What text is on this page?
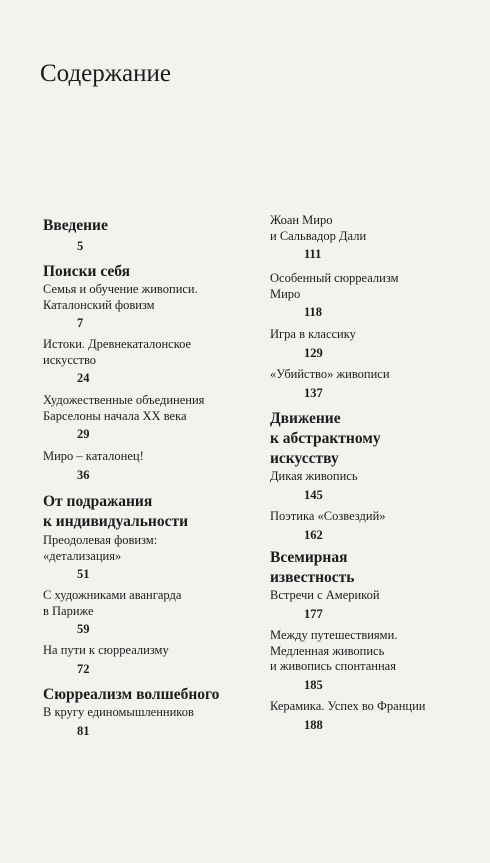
Содержание
Введение
5
Поиски себя
Семья и обучение живописи.
Каталонский фовизм
7
Истоки. Древнекаталонское
искусство
24
Художественные объединения
Барселоны начала XX века
29
Миро – каталонец!
36
От подражания
к индивидуальности
Преодолевая фовизм:
«детализация»
51
С художниками авангарда
в Париже
59
На пути к сюрреализму
72
Сюрреализм волшебного
В кругу единомышленников
81
Жоан Миро
и Сальвадор Дали
111
Особенный сюрреализм
Миро
118
Игра в классику
129
«Убийство» живописи
137
Движение
к абстрактному
искусству
Дикая живопись
145
Поэтика «Созвездий»
162
Всемирная
известность
Встречи с Америкой
177
Между путешествиями.
Медленная живопись
и живопись спонтанная
185
Керамика. Успех во Франции
188
